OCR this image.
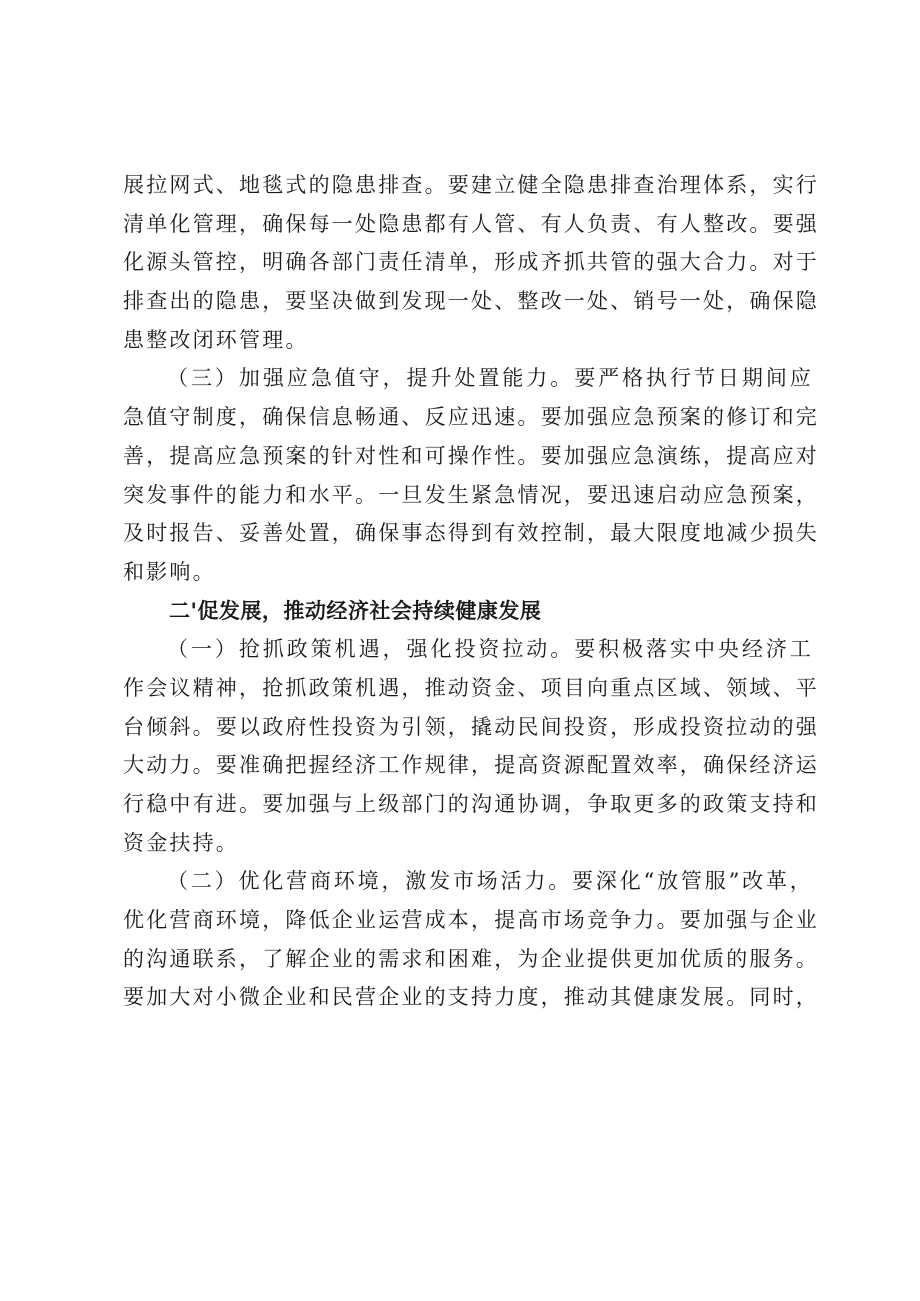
展拉网式、地毯式的隐患排查。要建立健全隐患排查治理体系，实行
清单化管理，确保每一处隐患都有人管、有人负责、有人整改。要强
化源头管控，明确各部门责任清单，形成齐抓共管的强大合力。对于
排查出的隐患，要坚决做到发现一处、整改一处、销号一处，确保隐
患整改闭环管理。
（三）加强应急值守，提升处置能力。要严格执行节日期间应
急值守制度，确保信息畅通、反应迅速。要加强应急预案的修订和完
善，提高应急预案的针对性和可操作性。要加强应急演练，提高应对
突发事件的能力和水平。一旦发生紧急情况，要迅速启动应急预案，
及时报告、妥善处置，确保事态得到有效控制，最大限度地减少损失
和影响。
二'促发展，推动经济社会持续健康发展
（一）抢抓政策机遇，强化投资拉动。要积极落实中央经济工
作会议精神，抢抓政策机遇，推动资金、项目向重点区域、领域、平
台倾斜。要以政府性投资为引领，撬动民间投资，形成投资拉动的强
大动力。要准确把握经济工作规律，提高资源配置效率，确保经济运
行稳中有进。要加强与上级部门的沟通协调，争取更多的政策支持和
资金扶持。
（二）优化营商环境，激发市场活力。要深化“放管服”改革，
优化营商环境，降低企业运营成本，提高市场竞争力。要加强与企业
的沟通联系，了解企业的需求和困难，为企业提供更加优质的服务。
要加大对小微企业和民营企业的支持力度，推动其健康发展。同时，
